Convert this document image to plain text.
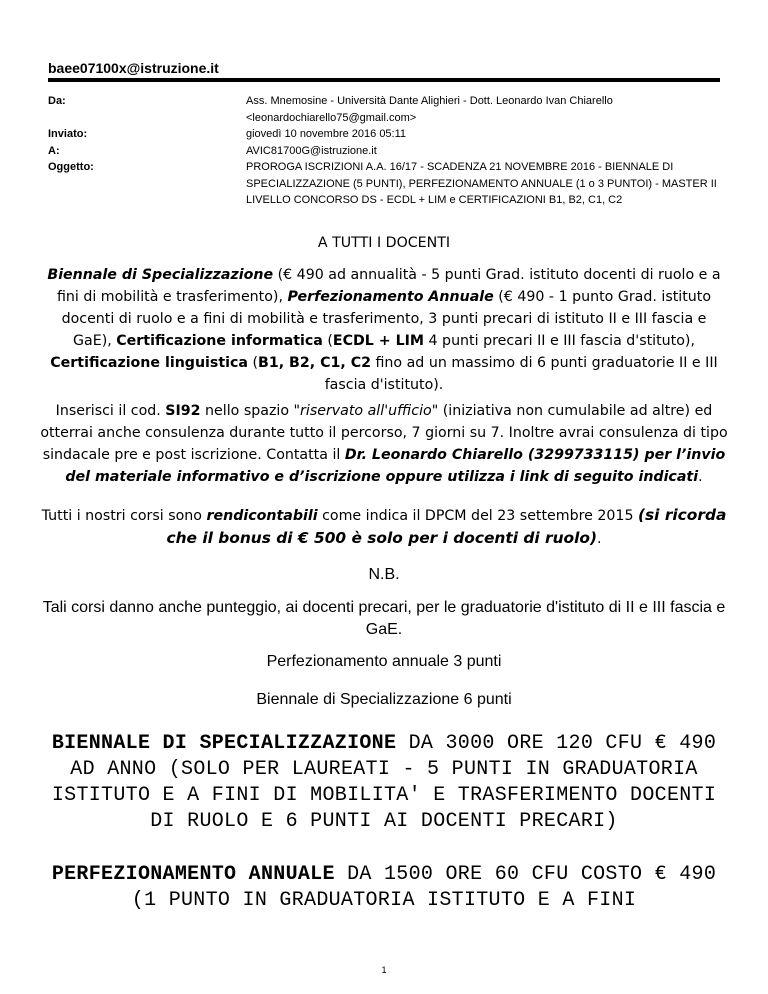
baee07100x@istruzione.it
Da:	Ass. Mnemosine - Università Dante Alighieri - Dott. Leonardo Ivan Chiarello <leonardochiarello75@gmail.com>
Inviato:	giovedì 10 novembre 2016 05:11
A:	AVIC81700G@istruzione.it
Oggetto:	PROROGA ISCRIZIONI A.A. 16/17 - SCADENZA 21 NOVEMBRE 2016 - BIENNALE DI SPECIALIZZAZIONE (5 PUNTI), PERFEZIONAMENTO ANNUALE (1 o 3 PUNTOI) - MASTER II LIVELLO CONCORSO DS - ECDL + LIM e CERTIFICAZIONI B1, B2, C1, C2
A TUTTI I DOCENTI
Biennale di Specializzazione (€ 490 ad annualità - 5 punti Grad. istituto docenti di ruolo e a fini di mobilità e trasferimento), Perfezionamento Annuale (€ 490 - 1 punto Grad. istituto docenti di ruolo e a fini di mobilità e trasferimento, 3 punti precari di istituto II e III fascia e GaE), Certificazione informatica (ECDL + LIM 4 punti precari II e III fascia d'stituto), Certificazione linguistica (B1, B2, C1, C2 fino ad un massimo di 6 punti graduatorie II e III fascia d'istituto).
Inserisci il cod. SI92 nello spazio "riservato all'ufficio" (iniziativa non cumulabile ad altre) ed otterrai anche consulenza durante tutto il percorso, 7 giorni su 7. Inoltre avrai consulenza di tipo sindacale pre e post iscrizione. Contatta il Dr. Leonardo Chiarello (3299733115) per l’invio del materiale informativo e d’iscrizione oppure utilizza i link di seguito indicati.
Tutti i nostri corsi sono rendicontabili come indica il DPCM del 23 settembre 2015 (si ricorda che il bonus di € 500 è solo per i docenti di ruolo).
N.B.
Tali corsi danno anche punteggio, ai docenti precari, per le graduatorie d'istituto di II e III fascia e GaE.
Perfezionamento annuale 3 punti
Biennale di Specializzazione 6 punti
BIENNALE DI SPECIALIZZAZIONE DA 3000 ORE 120 CFU € 490 AD ANNO (SOLO PER LAUREATI - 5 PUNTI IN GRADUATORIA ISTITUTO E A FINI DI MOBILITA' E TRASFERIMENTO DOCENTI DI RUOLO E 6 PUNTI AI DOCENTI PRECARI)
PERFEZIONAMENTO ANNUALE DA 1500 ORE 60 CFU COSTO € 490 (1 PUNTO IN GRADUATORIA ISTITUTO E A FINI
1
